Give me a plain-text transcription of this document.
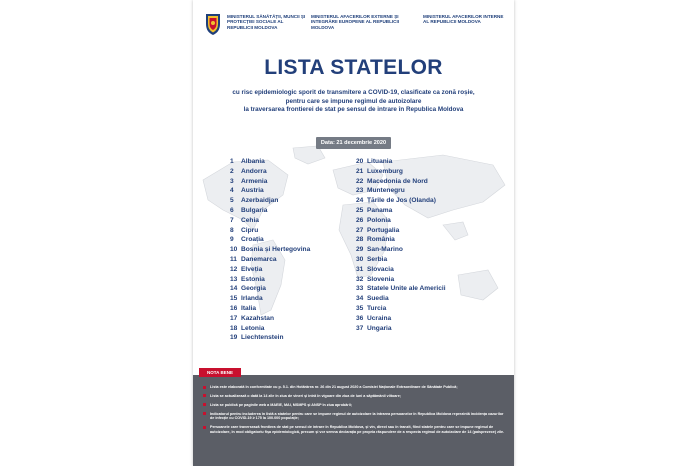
MINISTERUL SĂNĂTĂȚII, MUNCII ȘI PROTECȚIEI SOCIALE AL REPUBLICII MOLDOVA
MINISTERUL AFACERILOR EXTERNE ȘI INTEGRĂRII EUROPENE AL REPUBLICII MOLDOVA
MINISTERUL AFACERILOR INTERNE AL REPUBLICII MOLDOVA
LISTA STATELOR
cu risc epidemiologic sporit de transmitere a COVID-19, clasificate ca zonă roșie,
pentru care se impune regimul de autoizolare
la traversarea frontierei de stat pe sensul de intrare în Republica Moldova
Data: 21 decembrie 2020
1 Albania
2 Andorra
3 Armenia
4 Austria
5 Azerbaidjan
6 Bulgaria
7 Cehia
8 Cipru
9 Croația
10 Bosnia și Hertegovina
11 Danemarca
12 Elveția
13 Estonia
14 Georgia
15 Irlanda
16 Italia
17 Kazahstan
18 Letonia
19 Liechtenstein
20 Lituania
21 Luxemburg
22 Macedonia de Nord
23 Muntenegru
24 Țările de Jos (Olanda)
25 Panama
26 Polonia
27 Portugalia
28 România
29 San-Marino
30 Serbia
31 Slovacia
32 Slovenia
33 Statele Unite ale Americii
34 Suedia
35 Turcia
36 Ucraina
37 Ungaria
NOTA BENE
Lista este elaborată în conformitate cu p. 5.1. din Hotărârea nr. 26 din 21 august 2020 a Comisiei Naționale Extraordinare de Sănătate Publică;
Lista se actualizează o dată la 14 zile în ziua de vineri și intră în vigoare din ziua de luni a săptămânii viitoare;
Lista se publică pe paginile web a MAEIE, MAI, MSMPS și ANSP în ziua aprobării;
Indicatorul pentru includerea în listă a statelor pentru care se impune regimul de autoizolare la intrarea persoanelor în Republica Moldova reprezintă incidența cazurilor de infecție cu COVID-19 ≥ 175 la 100.000 populație;
Persoanele care traversează frontiera de stat pe sensul de intrare în Republica Moldova, și vin, direct sau în tranzit, fiind statele pentru care se impune regimul de autoizolare, în mod obligatoriu fișa epidemiologică, precum și vor semna declarația pe propria răspundere de a respecta regimul de autoizolare de 14 (paisprezece) zile.
